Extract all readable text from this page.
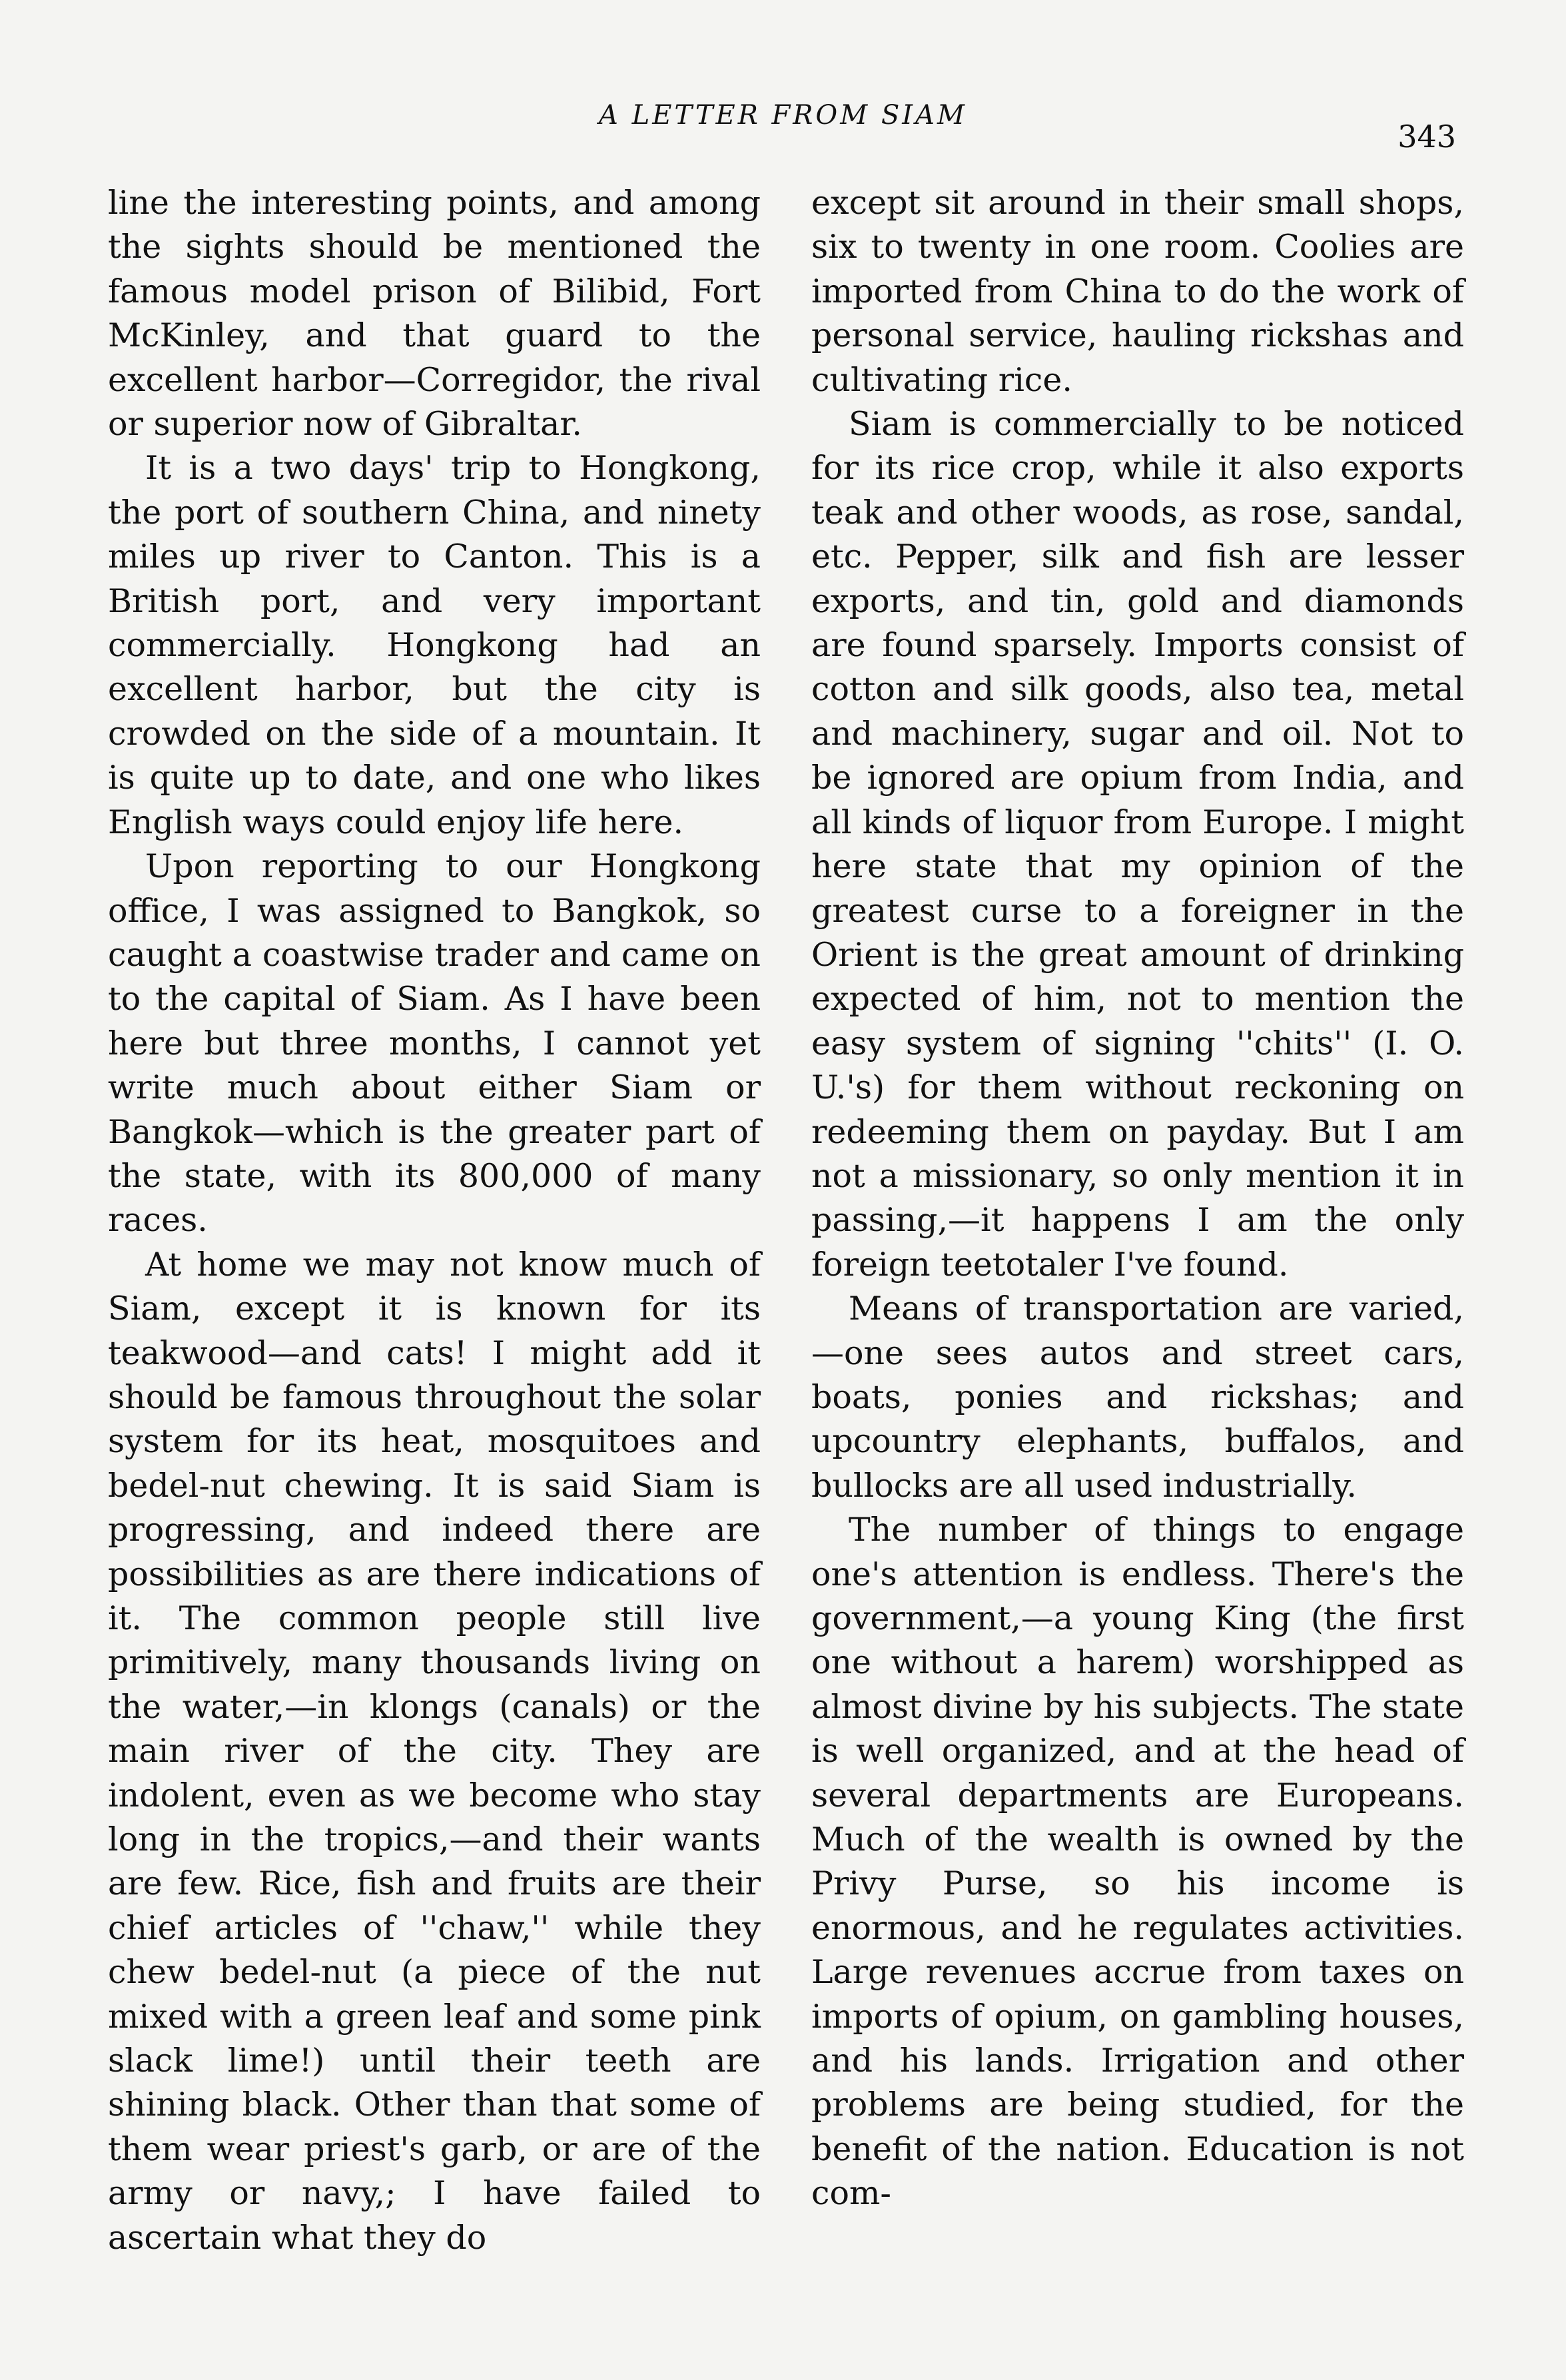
A LETTER FROM SIAM
343

line the interesting points, and among the sights should be mentioned the famous model prison of Bilibid, Fort McKinley, and that guard to the excellent harbor—Corregidor, the rival or superior now of Gibraltar.

It is a two days' trip to Hongkong, the port of southern China, and ninety miles up river to Canton. This is a British port, and very important commercially. Hongkong had an excellent harbor, but the city is crowded on the side of a mountain. It is quite up to date, and one who likes English ways could enjoy life here.

Upon reporting to our Hongkong office, I was assigned to Bangkok, so caught a coastwise trader and came on to the capital of Siam. As I have been here but three months, I cannot yet write much about either Siam or Bangkok—which is the greater part of the state, with its 800,000 of many races.

At home we may not know much of Siam, except it is known for its teakwood—and cats! I might add it should be famous throughout the solar system for its heat, mosquitoes and bedel-nut chewing. It is said Siam is progressing, and indeed there are possibilities as are there indications of it. The common people still live primitively, many thousands living on the water,—in klongs (canals) or the main river of the city. They are indolent, even as we become who stay long in the tropics,—and their wants are few. Rice, fish and fruits are their chief articles of ''chaw,'' while they chew bedel-nut (a piece of the nut mixed with a green leaf and some pink slack lime!) until their teeth are shining black. Other than that some of them wear priest's garb, or are of the army or navy,; I have failed to ascertain what they do

except sit around in their small shops, six to twenty in one room. Coolies are imported from China to do the work of personal service, hauling rickshas and cultivating rice.

Siam is commercially to be noticed for its rice crop, while it also exports teak and other woods, as rose, sandal, etc. Pepper, silk and fish are lesser exports, and tin, gold and diamonds are found sparsely. Imports consist of cotton and silk goods, also tea, metal and machinery, sugar and oil. Not to be ignored are opium from India, and all kinds of liquor from Europe. I might here state that my opinion of the greatest curse to a foreigner in the Orient is the great amount of drinking expected of him, not to mention the easy system of signing ''chits'' (I. O. U.'s) for them without reckoning on redeeming them on payday. But I am not a missionary, so only mention it in passing,—it happens I am the only foreign teetotaler I've found.

Means of transportation are varied, —one sees autos and street cars, boats, ponies and rickshas; and upcountry elephants, buffalos, and bullocks are all used industrially.

The number of things to engage one's attention is endless. There's the government,—a young King (the first one without a harem) worshipped as almost divine by his subjects. The state is well organized, and at the head of several departments are Europeans. Much of the wealth is owned by the Privy Purse, so his income is enormous, and he regulates activities. Large revenues accrue from taxes on imports of opium, on gambling houses, and his lands. Irrigation and other problems are being studied, for the benefit of the nation. Education is not com-
